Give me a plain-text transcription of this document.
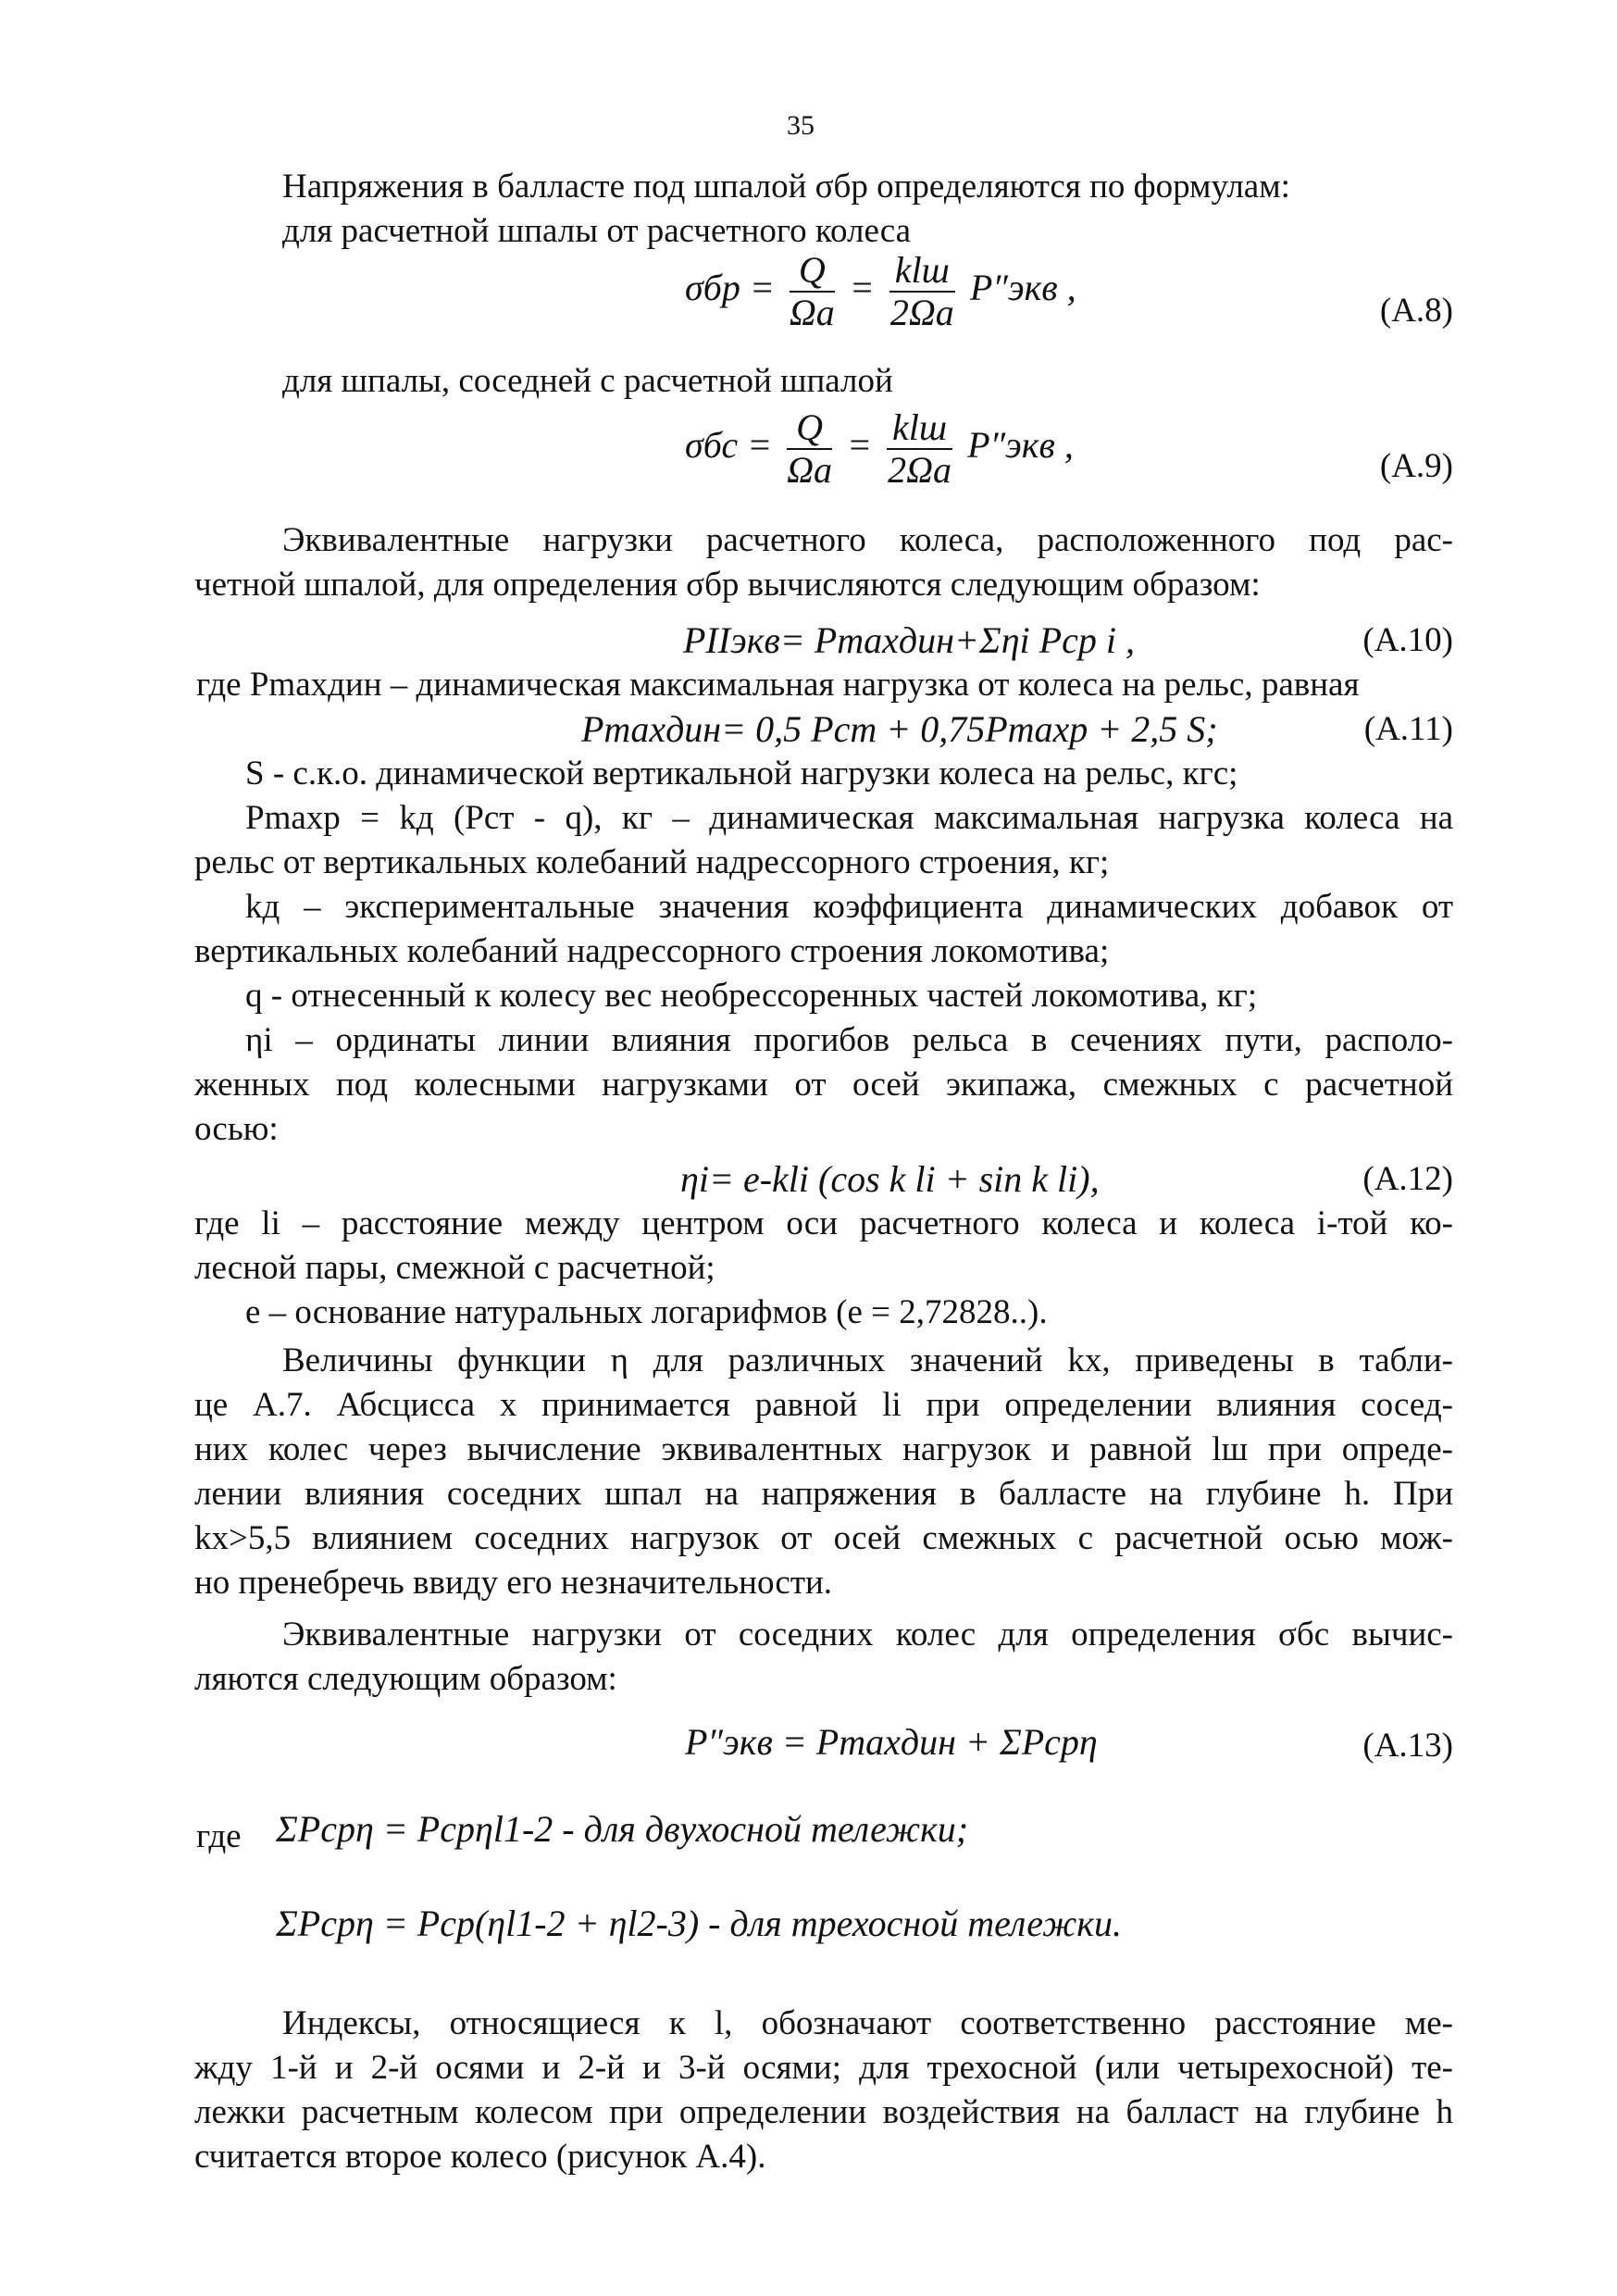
35
Напряжения в балласте под шпалой σбр определяются по формулам:
для расчетной шпалы от расчетного колеса
$\sigma бр = \frac{Q}{\Omega a} = \frac{\text{klш}}{2\Omega a} P''экв$ ,
(А.8)
для шпалы, соседней с расчетной шпалой
$\sigma бс = \frac{Q}{\Omega a} = \frac{\text{klш}}{2\Omega a} P''экв$ ,
(А.9)
Эквивалентные нагрузки расчетного колеса, расположенного под рас-
четной шпалой, для определения σбр вычисляются следующим образом:
PIIэкв= Pmaxдин+Σηi Pср i ,	(А.10)
где Pmaxдин – динамическая максимальная нагрузка от колеса на рельс, равная
Pmaxдин= 0,5 Pст + 0,75Pmaxр + 2,5 S;	(А.11)
S - с.к.о. динамической вертикальной нагрузки колеса на рельс, кгс;
Pmaxр = kд (Pст - q), кг – динамическая максимальная нагрузка колеса на
рельс от вертикальных колебаний надрессорного строения, кг;
kд – экспериментальные значения коэффициента динамических добавок от
вертикальных колебаний надрессорного строения локомотива;
q - отнесенный к колесу вес необрессоренных частей локомотива, кг;
ηi – ординаты линии влияния прогибов рельса в сечениях пути, располо-
женных под колесными нагрузками от осей экипажа, смежных с расчетной
осью:
ηi= e-kli (cos k li + sin k li),	(А.12)
где li – расстояние между центром оси расчетного колеса и колеса i-той ко-
лесной пары, смежной с расчетной;
e – основание натуральных логарифмов (e = 2,72828..).
Величины функции η для различных значений kx, приведены в табли-
це А.7. Абсцисса х принимается равной li при определении влияния сосед-
них колес через вычисление эквивалентных нагрузок и равной lш при опреде-
лении влияния соседних шпал на напряжения в балласте на глубине h. При
kx>5,5 влиянием соседних нагрузок от осей смежных с расчетной осью мож-
но пренебречь ввиду его незначительности.
Эквивалентные нагрузки от соседних колес для определения σбс вычис-
ляются следующим образом:
P″экв = Pmaxдин + ΣPсрη	(А.13)
где ΣPсрη = Pсрηl1-2 - для двухосной тележки;
ΣPсрη = Pср(ηl1-2 + ηl2-3) - для трехосной тележки.
Индексы, относящиеся к l, обозначают соответственно расстояние ме-
жду 1-й и 2-й осями и 2-й и 3-й осями; для трехосной (или четырехосной) те-
лежки расчетным колесом при определении воздействия на балласт на глубине h
считается второе колесо (рисунок А.4).
